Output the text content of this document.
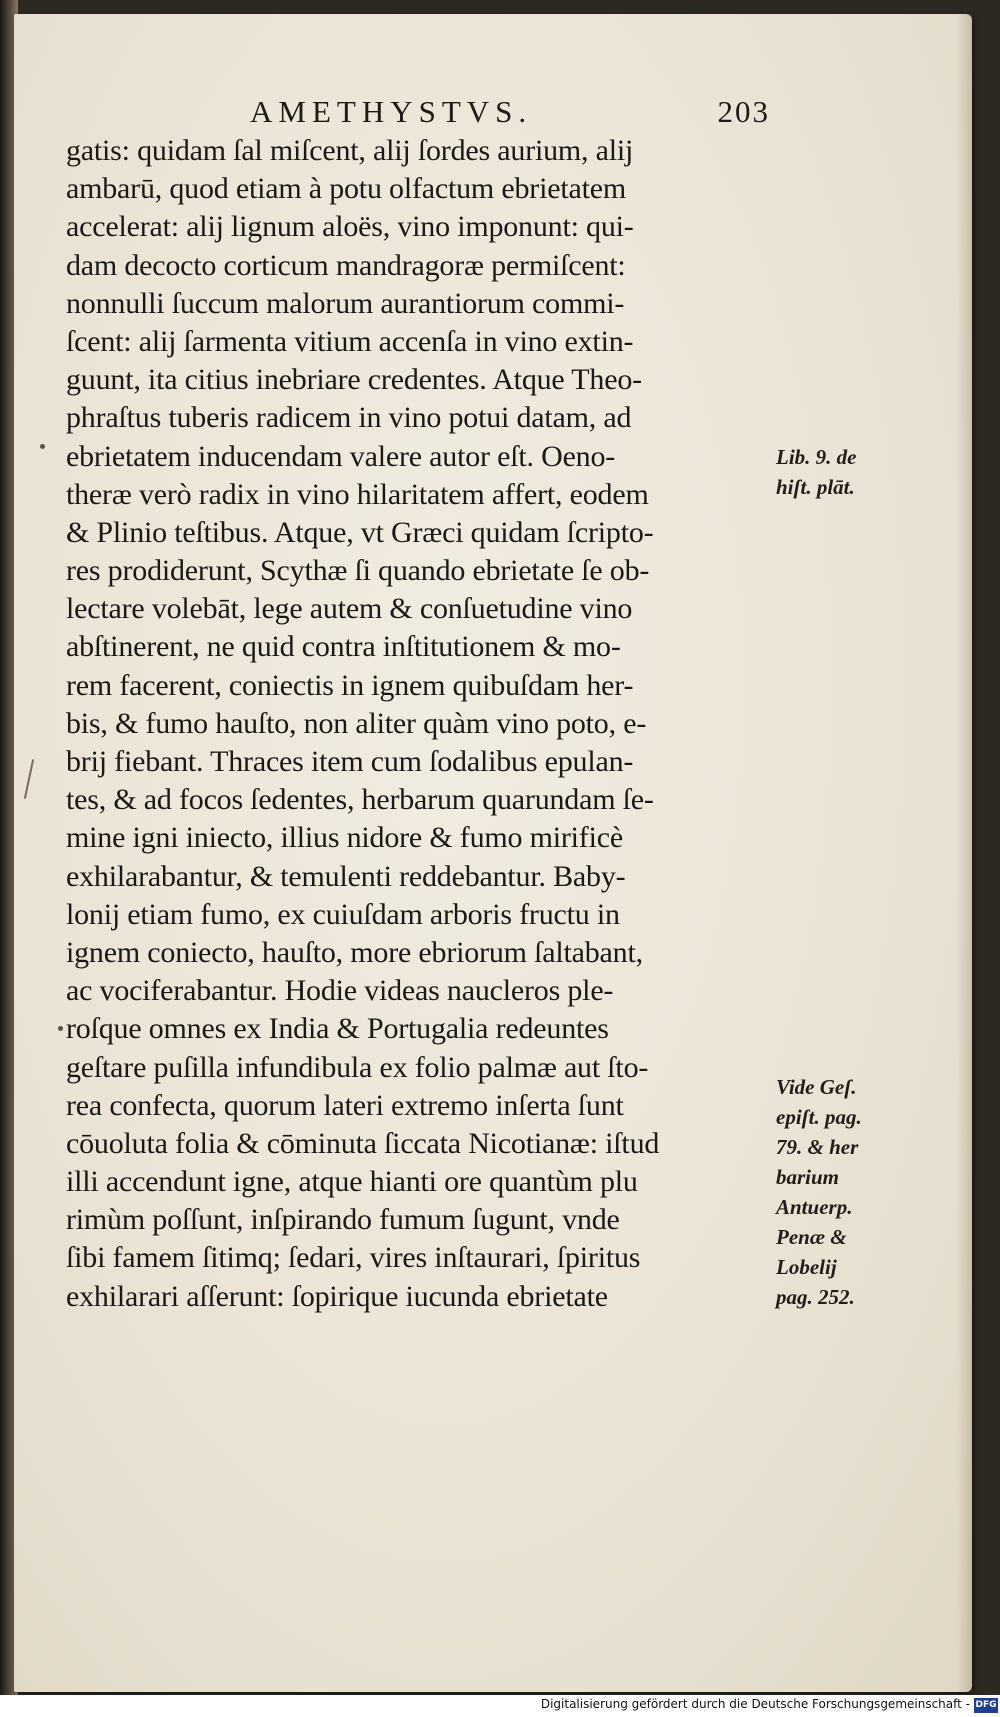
AMETHYSTVS.	203
gatis: quidam ſal miſcent, alij ſordes aurium, alij
ambarū, quod etiam à potu olfactum ebrietatem
accelerat: alij lignum aloës, vino imponunt: qui-
dam decocto corticum mandragoræ permiſcent:
nonnulli ſuccum malorum aurantiorum commi-
ſcent: alij ſarmenta vitium accenſa in vino extin-
guunt, ita citius inebriare credentes. Atque Theo-
phraſtus tuberis radicem in vino potui datam, ad
ebrietatem inducendam valere autor eſt. Oeno-
theræ verò radix in vino hilaritatem affert, eodem
& Plinio teſtibus. Atque, vt Græci quidam ſcripto-
res prodiderunt, Scythæ ſi quando ebrietate ſe ob-
lectare volebāt, lege autem & conſuetudine vino
abſtinerent, ne quid contra inſtitutionem & mo-
rem facerent, coniectis in ignem quibuſdam her-
bis, & fumo hauſto, non aliter quàm vino poto, e-
brij fiebant. Thraces item cum ſodalibus epulan-
tes, & ad focos ſedentes, herbarum quarundam ſe-
mine igni iniecto, illius nidore & fumo mirificè
exhilarabantur, & temulenti reddebantur. Baby-
lonij etiam fumo, ex cuiuſdam arboris fructu in
ignem coniecto, hauſto, more ebriorum ſaltabant,
ac vociferabantur. Hodie videas naucleros ple-
roſque omnes ex India & Portugalia redeuntes
geſtare puſilla infundibula ex folio palmæ aut ſto-
rea confecta, quorum lateri extremo inſerta ſunt
cōuoluta folia & cōminuta ſiccata Nicotianæ: iſtud
illi accendunt igne, atque hianti ore quantùm plu
rimùm poſſunt, inſpirando fumum ſugunt, vnde
ſibi famem ſitimq; ſedari, vires inſtaurari, ſpiritus
exhilarari aſſerunt: ſopirique iucunda ebrietate
Lib. 9. de
hiſt. plāt.
Vide Geſ.
epiſt. pag.
79. & her
barium
Antuerp.
Penæ &
Lobelij
pag. 252.
Digitalisierung gefördert durch die Deutsche Forschungsgemeinschaft - DFG
